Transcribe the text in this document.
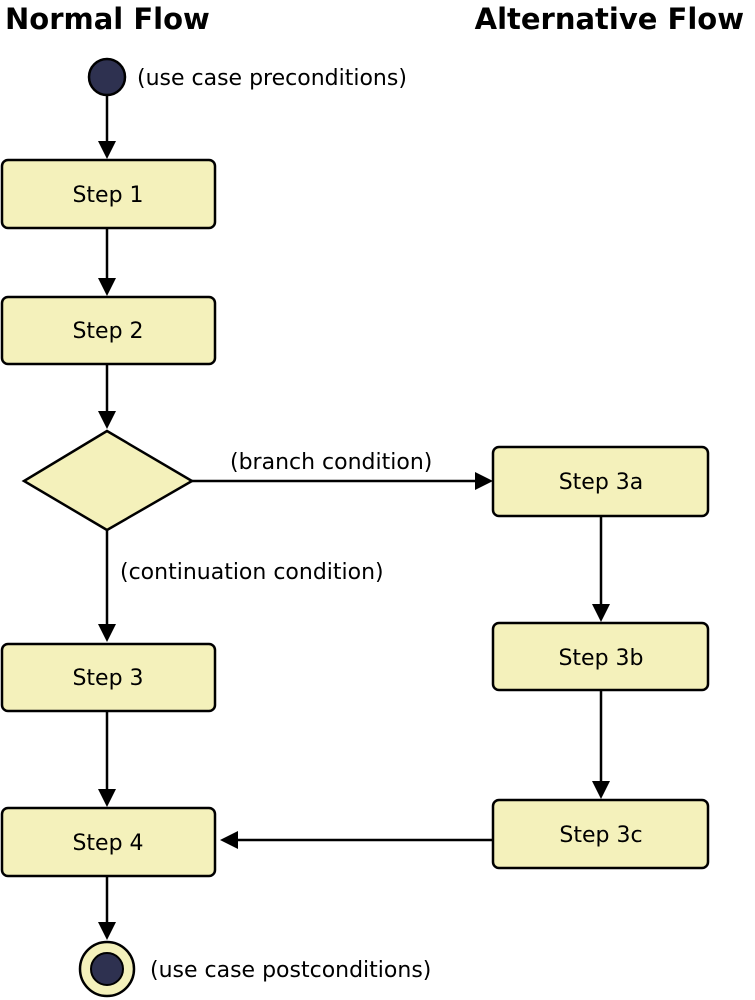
Normal Flow	Alternative Flow
(use case preconditions)
Step 1
Step 2
(branch condition)
(continuation condition)
Step 3
Step 4
Step 3a
Step 3b
Step 3c
(use case postconditions)
